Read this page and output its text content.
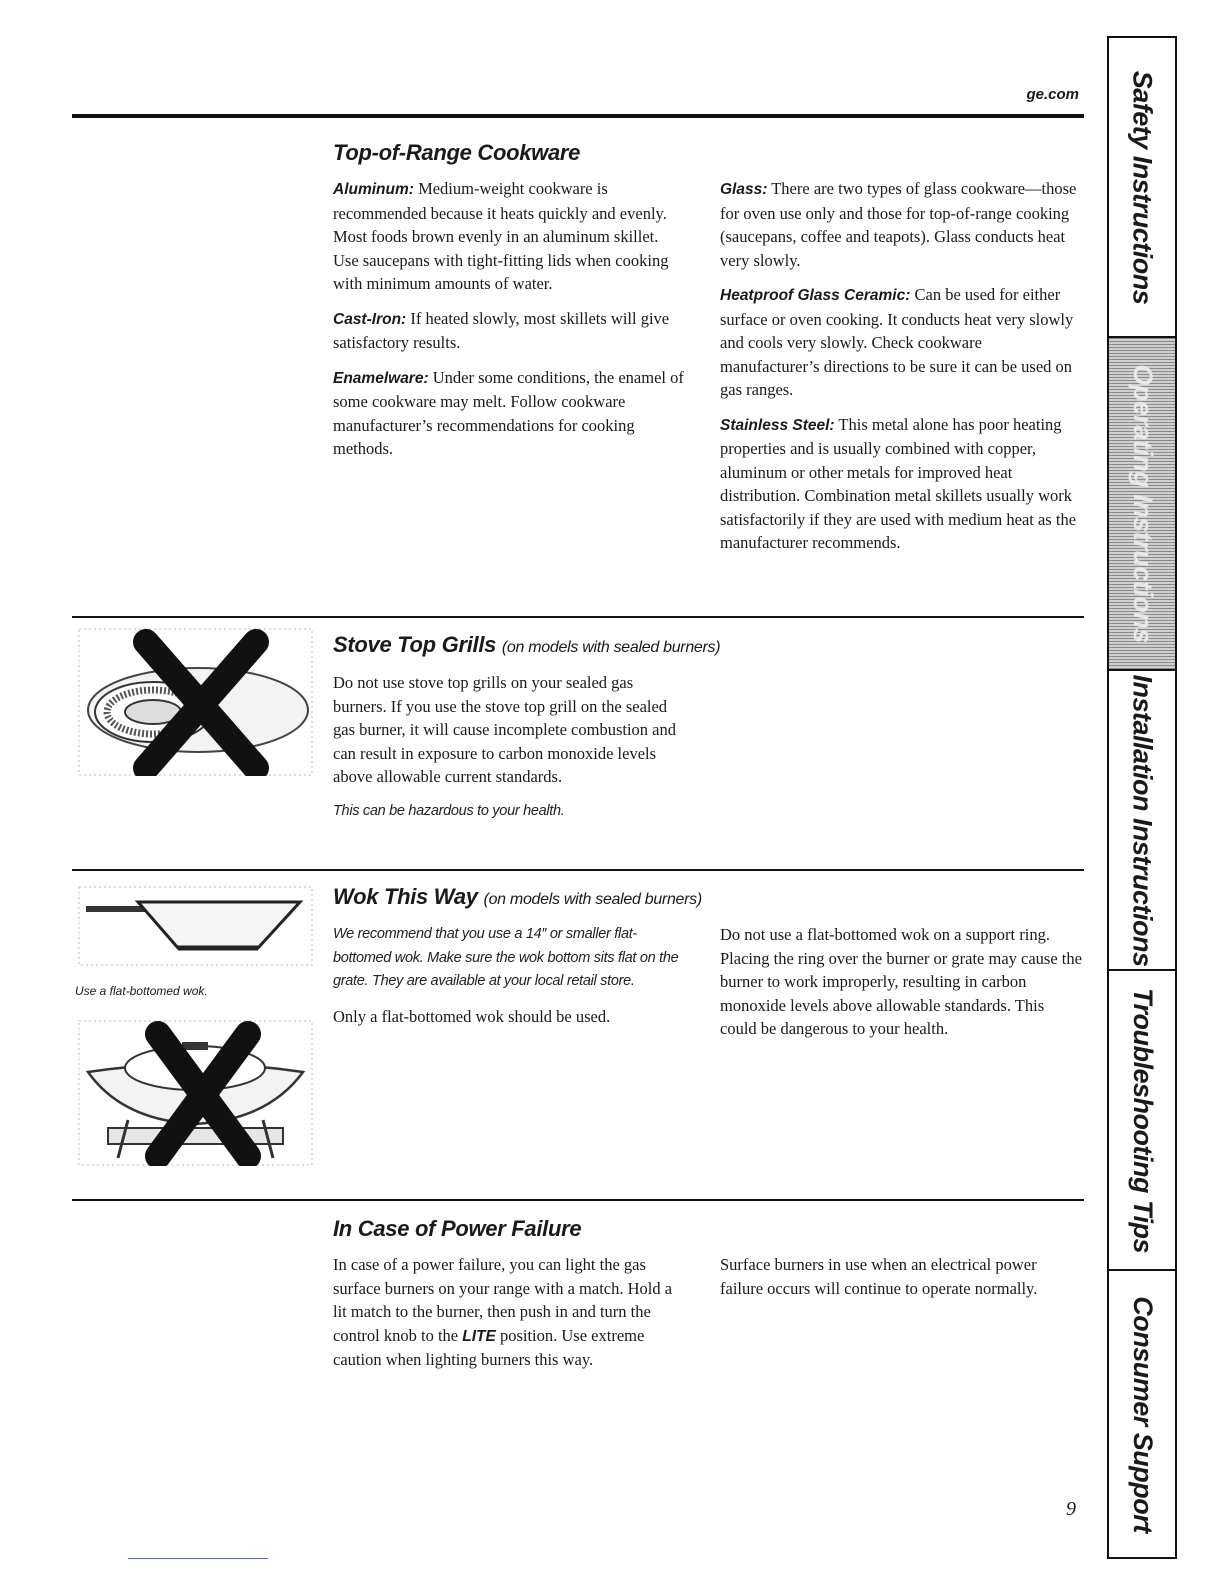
ge.com
Top-of-Range Cookware

Aluminum: Medium-weight cookware is recommended because it heats quickly and evenly. Most foods brown evenly in an aluminum skillet. Use saucepans with tight-fitting lids when cooking with minimum amounts of water.

Cast-Iron: If heated slowly, most skillets will give satisfactory results.

Enamelware: Under some conditions, the enamel of some cookware may melt. Follow cookware manufacturer’s recommendations for cooking methods.

Glass: There are two types of glass cookware—those for oven use only and those for top-of-range cooking (saucepans, coffee and teapots). Glass conducts heat very slowly.

Heatproof Glass Ceramic: Can be used for either surface or oven cooking. It conducts heat very slowly and cools very slowly. Check cookware manufacturer’s directions to be sure it can be used on gas ranges.

Stainless Steel: This metal alone has poor heating properties and is usually combined with copper, aluminum or other metals for improved heat distribution. Combination metal skillets usually work satisfactorily if they are used with medium heat as the manufacturer recommends.

Stove Top Grills (on models with sealed burners)

Do not use stove top grills on your sealed gas burners. If you use the stove top grill on the sealed gas burner, it will cause incomplete combustion and can result in exposure to carbon monoxide levels above allowable current standards.

This can be hazardous to your health.

Use a flat-bottomed wok.
Wok This Way (on models with sealed burners)

We recommend that you use a 14″ or smaller flat-bottomed wok. Make sure the wok bottom sits flat on the grate. They are available at your local retail store.

Only a flat-bottomed wok should be used.

Do not use a flat-bottomed wok on a support ring. Placing the ring over the burner or grate may cause the burner to work improperly, resulting in carbon monoxide levels above allowable standards. This could be dangerous to your health.

In Case of Power Failure

In case of a power failure, you can light the gas surface burners on your range with a match. Hold a lit match to the burner, then push in and turn the control knob to the LITE position. Use extreme caution when lighting burners this way.

Surface burners in use when an electrical power failure occurs will continue to operate normally.

9
Safety Instructions
Operating Instructions
Installation Instructions
Troubleshooting Tips
Consumer Support
